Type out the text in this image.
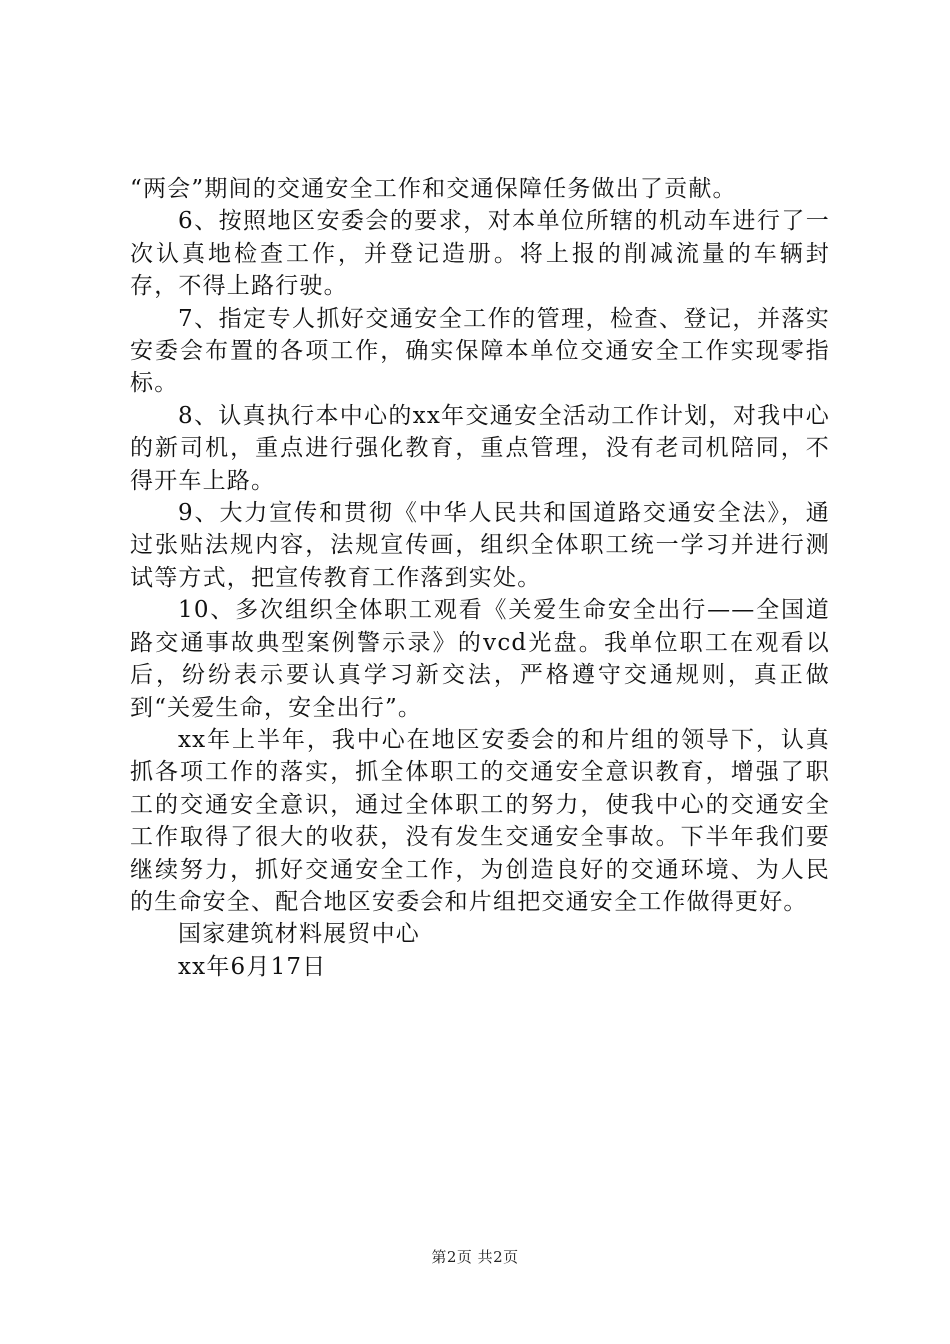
“两会”期间的交通安全工作和交通保障任务做出了贡献。

6、按照地区安委会的要求，对本单位所辖的机动车进行了一次认真地检查工作，并登记造册。将上报的削减流量的车辆封存，不得上路行驶。

7、指定专人抓好交通安全工作的管理，检查、登记，并落实安委会布置的各项工作，确实保障本单位交通安全工作实现零指标。

8、认真执行本中心的xx年交通安全活动工作计划，对我中心的新司机，重点进行强化教育，重点管理，没有老司机陪同，不得开车上路。

9、大力宣传和贯彻《中华人民共和国道路交通安全法》，通过张贴法规内容，法规宣传画，组织全体职工统一学习并进行测试等方式，把宣传教育工作落到实处。

10、多次组织全体职工观看《关爱生命安全出行——全国道路交通事故典型案例警示录》的vcd光盘。我单位职工在观看以后，纷纷表示要认真学习新交法，严格遵守交通规则，真正做到“关爱生命，安全出行”。

xx年上半年，我中心在地区安委会的和片组的领导下，认真抓各项工作的落实，抓全体职工的交通安全意识教育，增强了职工的交通安全意识，通过全体职工的努力，使我中心的交通安全工作取得了很大的收获，没有发生交通安全事故。下半年我们要继续努力，抓好交通安全工作，为创造良好的交通环境、为人民的生命安全、配合地区安委会和片组把交通安全工作做得更好。

国家建筑材料展贸中心

xx年6月17日

第2页 共2页
